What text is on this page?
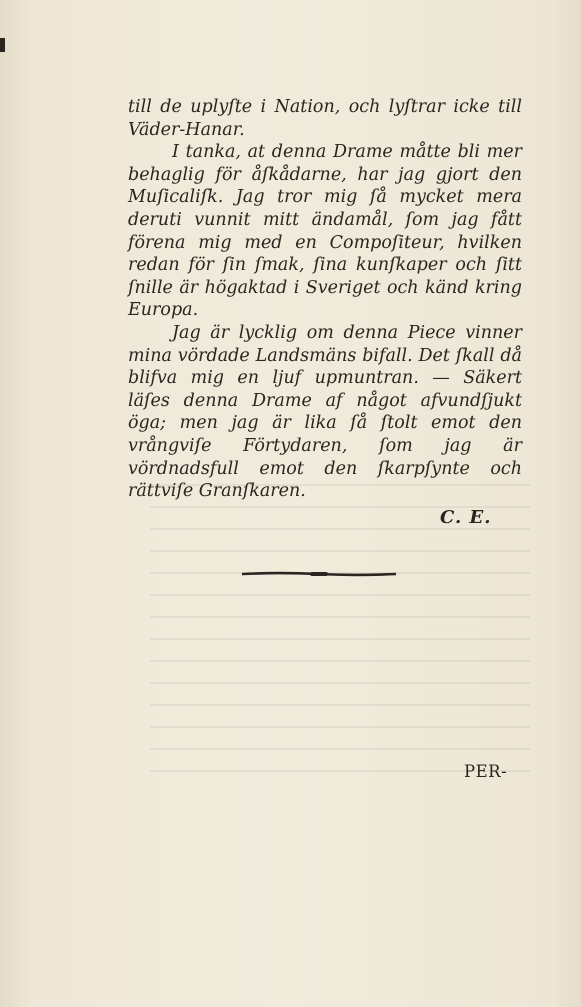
till de uplyſte i Nation, och lyſtrar icke till Väder-Hanar.

I tanka, at denna Drame måtte bli mer behaglig för åſkådarne, har jag gjort den Muſicaliſk. Jag tror mig ſå mycket mera deruti vunnit mitt ändamål, ſom jag fått förena mig med en Compoſiteur, hvilken redan för ſin ſmak, ſina kunſkaper och ſitt ſnille är högaktad i Sveriget och känd kring Europa.

Jag är lycklig om denna Piece vinner mina vördade Landsmäns bifall. Det ſkall då blifva mig en ljuf upmuntran. — Säkert läſes denna Drame af något afvundſjukt öga; men jag är lika ſå ſtolt emot den vrångviſe Förtydaren, ſom jag är vördnadsfull emot den ſkarpſynte och rättviſe Granſkaren.

C. E.
PER-
